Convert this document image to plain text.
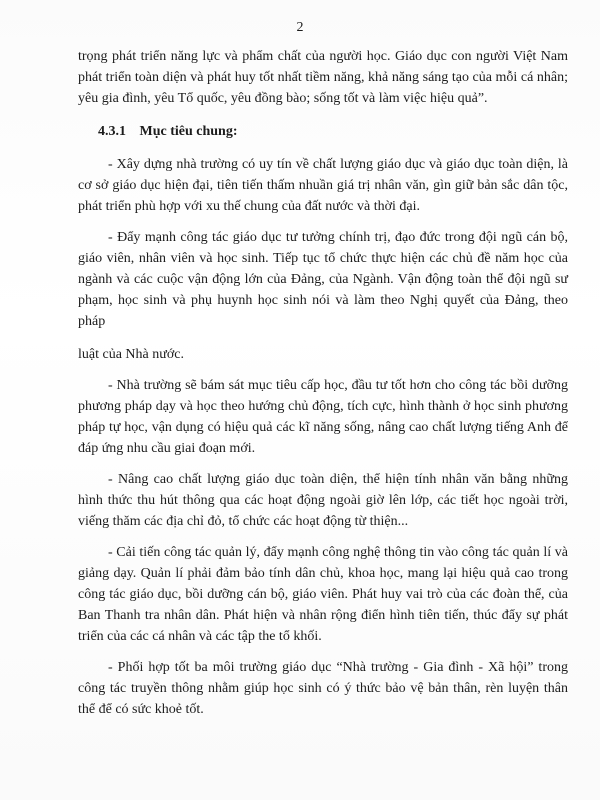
2

trọng phát triển năng lực và phẩm chất của người học. Giáo dục con người Việt Nam phát triển toàn diện và phát huy tốt nhất tiềm năng, khả năng sáng tạo của mỗi cá nhân; yêu gia đình, yêu Tổ quốc, yêu đồng bào; sống tốt và làm việc hiệu quả”.

4.3.1 Mục tiêu chung:

- Xây dựng nhà trường có uy tín về chất lượng giáo dục và giáo dục toàn diện, là cơ sở giáo dục hiện đại, tiên tiến thấm nhuần giá trị nhân văn, gìn giữ bản sắc dân tộc, phát triển phù hợp với xu thế chung của đất nước và thời đại.

- Đẩy mạnh công tác giáo dục tư tưởng chính trị, đạo đức trong đội ngũ cán bộ, giáo viên, nhân viên và học sinh. Tiếp tục tổ chức thực hiện các chủ đề năm học của ngành và các cuộc vận động lớn của Đảng, của Ngành. Vận động toàn thể đội ngũ sư phạm, học sinh và phụ huynh học sinh nói và làm theo Nghị quyết của Đảng, theo pháp

luật của Nhà nước.

- Nhà trường sẽ bám sát mục tiêu cấp học, đầu tư tốt hơn cho công tác bồi dưỡng phương pháp dạy và học theo hướng chủ động, tích cực, hình thành ở học sinh phương pháp tự học, vận dụng có hiệu quả các kĩ năng sống, nâng cao chất lượng tiếng Anh để đáp ứng nhu cầu giai đoạn mới.

- Nâng cao chất lượng giáo dục toàn diện, thể hiện tính nhân văn bằng những hình thức thu hút thông qua các hoạt động ngoài giờ lên lớp, các tiết học ngoài trời, viếng thăm các địa chỉ đỏ, tổ chức các hoạt động từ thiện...

- Cải tiến công tác quản lý, đẩy mạnh công nghệ thông tin vào công tác quản lí và giảng dạy. Quản lí phải đảm bảo tính dân chủ, khoa học, mang lại hiệu quả cao trong công tác giáo dục, bồi dưỡng cán bộ, giáo viên. Phát huy vai trò của các đoàn thể, của Ban Thanh tra nhân dân. Phát hiện và nhân rộng điển hình tiên tiến, thúc đẩy sự phát triển của các cá nhân và các tập the tổ khối.

- Phối hợp tốt ba môi trường giáo dục “Nhà trường - Gia đình - Xã hội” trong công tác truyền thông nhằm giúp học sinh có ý thức bảo vệ bản thân, rèn luyện thân thể để có sức khoẻ tốt.
